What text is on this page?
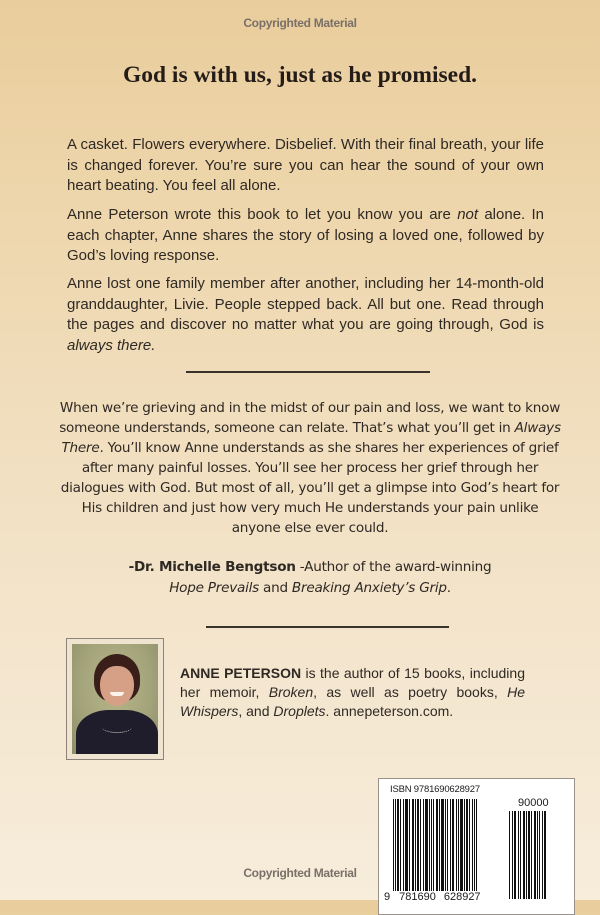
Copyrighted Material
God is with us, just as he promised.
A casket. Flowers everywhere. Disbelief. With their final breath, your life is changed forever. You’re sure you can hear the sound of your own heart beating. You feel all alone.
Anne Peterson wrote this book to let you know you are not alone. In each chapter, Anne shares the story of losing a loved one, followed by God’s loving response.
Anne lost one family member after another, including her 14-month-old granddaughter, Livie. People stepped back. All but one. Read through the pages and discover no matter what you are going through, God is always there.
When we’re grieving and in the midst of our pain and loss, we want to know someone understands, someone can relate. That’s what you’ll get in Always There. You’ll know Anne understands as she shares her experiences of grief after many painful losses. You’ll see her process her grief through her dialogues with God. But most of all, you’ll get a glimpse into God’s heart for His children and just how very much He understands your pain unlike anyone else ever could.
-Dr. Michelle Bengtson -Author of the award-winning
Hope Prevails and Breaking Anxiety’s Grip.
ANNE PETERSON is the author of 15 books, including her memoir, Broken, as well as poetry books, He Whispers, and Droplets. annepeterson.com.
ISBN 9781690628927
90000
9 781690 628927
Copyrighted Material
